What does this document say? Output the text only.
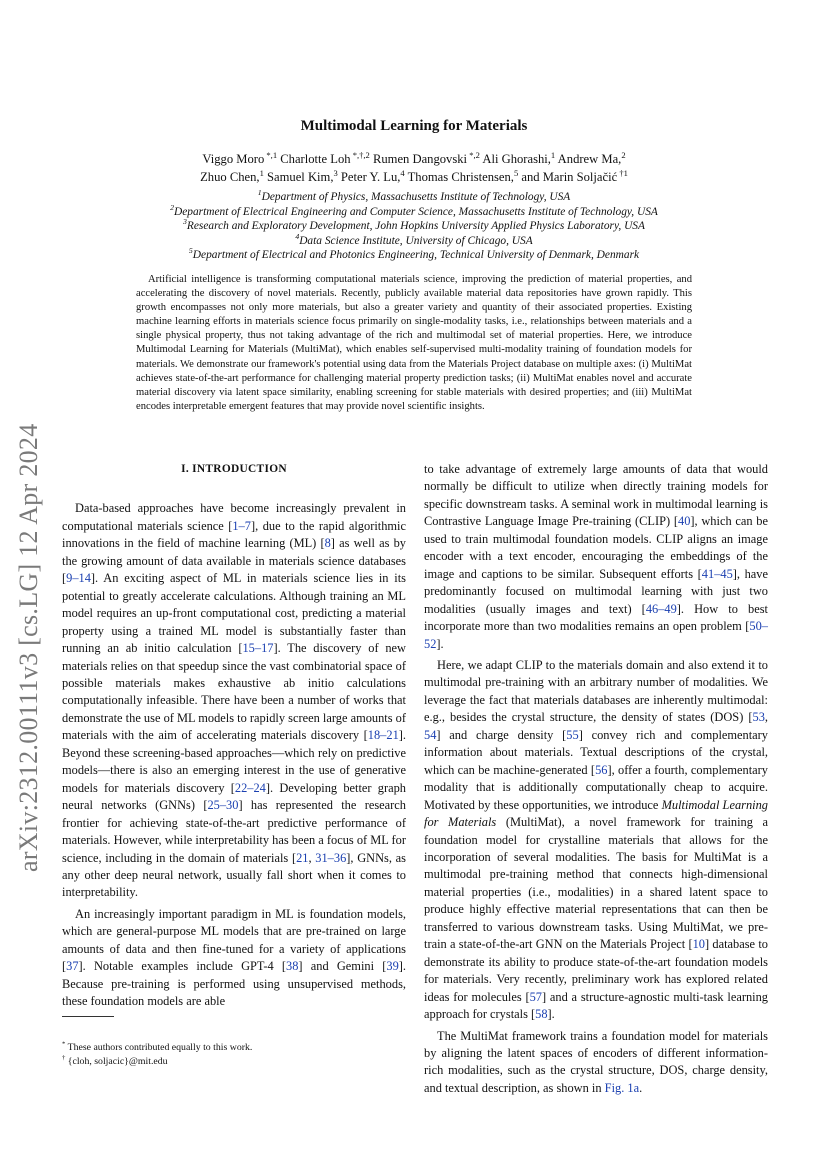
arXiv:2312.00111v3 [cs.LG] 12 Apr 2024
Multimodal Learning for Materials
Viggo Moro $^{*,1}$ Charlotte Loh $^{*,\dagger,2}$ Rumen Dangovski $^{*,2}$ Ali Ghorashi,$^1$ Andrew Ma,$^2$
Zhuo Chen,$^1$ Samuel Kim,$^3$ Peter Y. Lu,$^4$ Thomas Christensen,$^5$ and Marin Soljačić $^{\dagger 1}$
$^1$Department of Physics, Massachusetts Institute of Technology, USA
$^2$Department of Electrical Engineering and Computer Science, Massachusetts Institute of Technology, USA
$^3$Research and Exploratory Development, John Hopkins University Applied Physics Laboratory, USA
$^4$Data Science Institute, University of Chicago, USA
$^5$Department of Electrical and Photonics Engineering, Technical University of Denmark, Denmark

Artificial intelligence is transforming computational materials science, improving the prediction of material properties, and accelerating the discovery of novel materials. Recently, publicly available material data repositories have grown rapidly. This growth encompasses not only more materials, but also a greater variety and quantity of their associated properties. Existing machine learning efforts in materials science focus primarily on single-modality tasks, i.e., relationships between materials and a single physical property, thus not taking advantage of the rich and multimodal set of material properties. Here, we introduce Multimodal Learning for Materials (MultiMat), which enables self-supervised multi-modality training of foundation models for materials. We demonstrate our framework's potential using data from the Materials Project database on multiple axes: (i) MultiMat achieves state-of-the-art performance for challenging material property prediction tasks; (ii) MultiMat enables novel and accurate material discovery via latent space similarity, enabling screening for stable materials with desired properties; and (iii) MultiMat encodes interpretable emergent features that may provide novel scientific insights.

I. INTRODUCTION

Data-based approaches have become increasingly prevalent in computational materials science [1–7], due to the rapid algorithmic innovations in the field of machine learning (ML) [8] as well as by the growing amount of data available in materials science databases [9–14]. An exciting aspect of ML in materials science lies in its potential to greatly accelerate calculations. Although training an ML model requires an up-front computational cost, predicting a material property using a trained ML model is substantially faster than running an ab initio calculation [15–17]. The discovery of new materials relies on that speedup since the vast combinatorial space of possible materials makes exhaustive ab initio calculations computationally infeasible. There have been a number of works that demonstrate the use of ML models to rapidly screen large amounts of materials with the aim of accelerating materials discovery [18–21]. Beyond these screening-based approaches—which rely on predictive models—there is also an emerging interest in the use of generative models for materials discovery [22–24]. Developing better graph neural networks (GNNs) [25–30] has represented the research frontier for achieving state-of-the-art predictive performance of materials. However, while interpretability has been a focus of ML for science, including in the domain of materials [21, 31–36], GNNs, as any other deep neural network, usually fall short when it comes to interpretability.

An increasingly important paradigm in ML is foundation models, which are general-purpose ML models that are pre-trained on large amounts of data and then fine-tuned for a variety of applications [37]. Notable examples include GPT-4 [38] and Gemini [39]. Because pre-training is performed using unsupervised methods, these foundation models are able

to take advantage of extremely large amounts of data that would normally be difficult to utilize when directly training models for specific downstream tasks. A seminal work in multimodal learning is Contrastive Language Image Pre-training (CLIP) [40], which can be used to train multimodal foundation models. CLIP aligns an image encoder with a text encoder, encouraging the embeddings of the image and captions to be similar. Subsequent efforts [41–45], have predominantly focused on multimodal learning with just two modalities (usually images and text) [46–49]. How to best incorporate more than two modalities remains an open problem [50–52].

Here, we adapt CLIP to the materials domain and also extend it to multimodal pre-training with an arbitrary number of modalities. We leverage the fact that materials databases are inherently multimodal: e.g., besides the crystal structure, the density of states (DOS) [53, 54] and charge density [55] convey rich and complementary information about materials. Textual descriptions of the crystal, which can be machine-generated [56], offer a fourth, complementary modality that is additionally computationally cheap to acquire. Motivated by these opportunities, we introduce Multimodal Learning for Materials (MultiMat), a novel framework for training a foundation model for crystalline materials that allows for the incorporation of several modalities. The basis for MultiMat is a multimodal pre-training method that connects high-dimensional material properties (i.e., modalities) in a shared latent space to produce highly effective material representations that can then be transferred to various downstream tasks. Using MultiMat, we pre-train a state-of-the-art GNN on the Materials Project [10] database to demonstrate its ability to produce state-of-the-art foundation models for materials. Very recently, preliminary work has explored related ideas for molecules [57] and a structure-agnostic multi-task learning approach for crystals [58].

The MultiMat framework trains a foundation model for materials by aligning the latent spaces of encoders of different information-rich modalities, such as the crystal structure, DOS, charge density, and textual description, as shown in Fig. 1a.

* These authors contributed equally to this work.
† {cloh, soljacic}@mit.edu
